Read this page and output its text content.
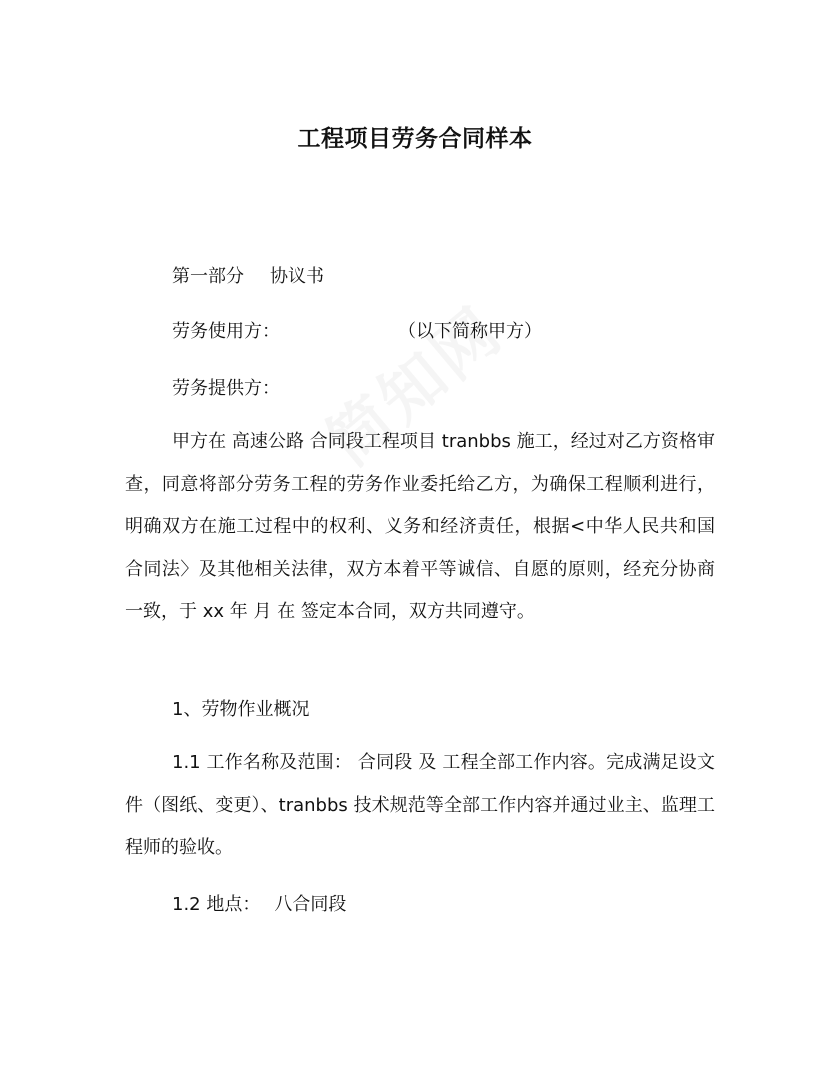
工程项目劳务合同样本
第一部分 协议书
劳务使用方：	（以下简称甲方）
劳务提供方：
甲方在 高速公路 合同段工程项目 tranbbs 施工，经过对乙方资格审查，同意将部分劳务工程的劳务作业委托给乙方，为确保工程顺利进行，明确双方在施工过程中的权利、义务和经济责任，根据<中华人民共和国合同法〉及其他相关法律，双方本着平等诚信、自愿的原则，经充分协商一致，于 xx 年 月 在 签定本合同，双方共同遵守。
1、劳物作业概况
1.1 工作名称及范围： 合同段 及 工程全部工作内容。完成满足设文件（图纸、变更）、tranbbs 技术规范等全部工作内容并通过业主、监理工程师的验收。
1.2 地点： 八合同段
